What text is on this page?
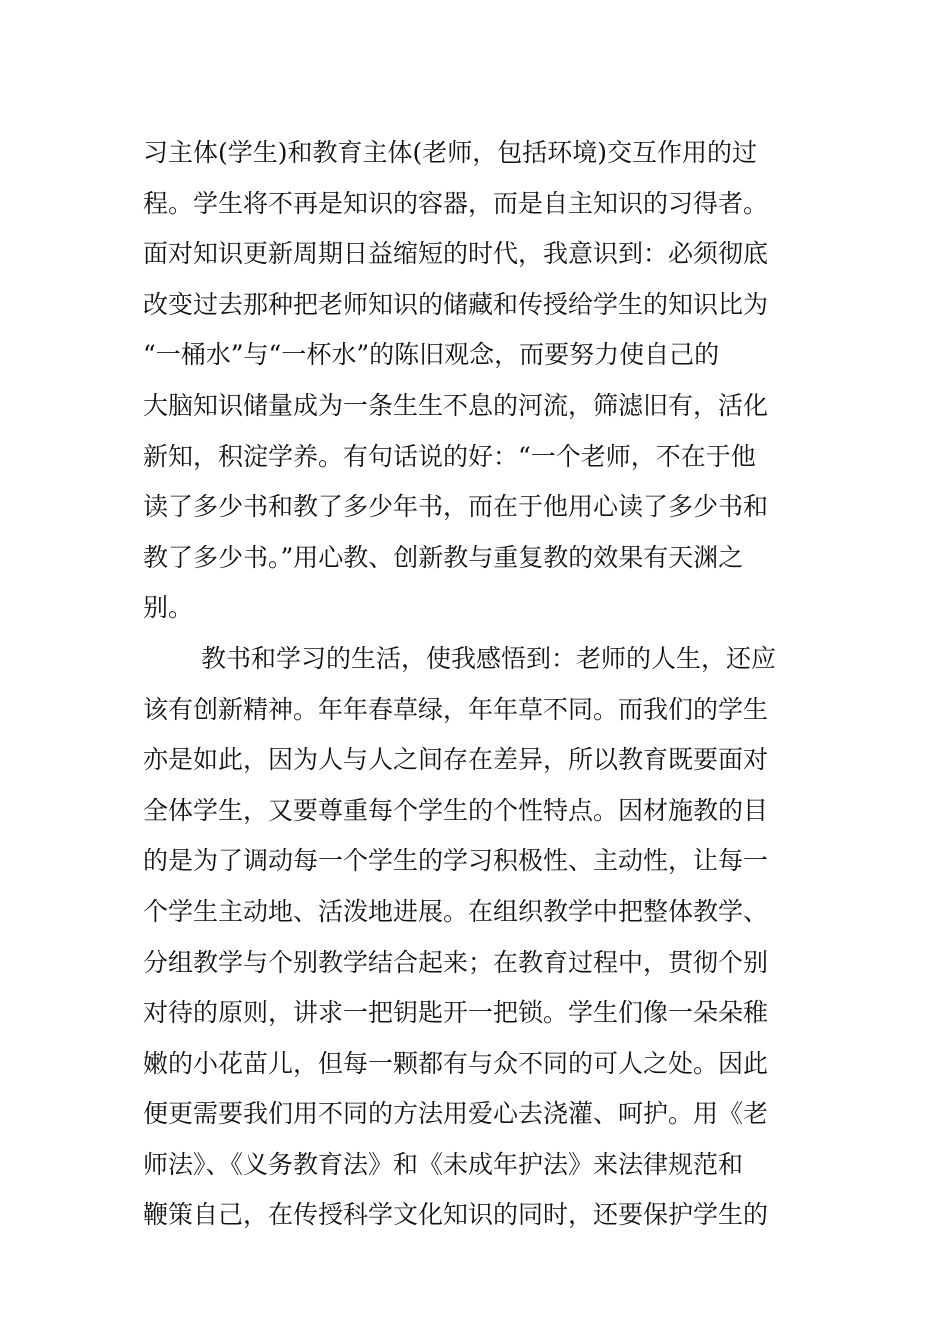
习主体(学生)和教育主体(老师，包括环境)交互作用的过
程。学生将不再是知识的容器，而是自主知识的习得者。
面对知识更新周期日益缩短的时代，我意识到：必须彻底
改变过去那种把老师知识的储藏和传授给学生的知识比为
“一桶水”与“一杯水”的陈旧观念，而要努力使自己的
大脑知识储量成为一条生生不息的河流，筛滤旧有，活化
新知，积淀学养。有句话说的好：“一个老师，不在于他
读了多少书和教了多少年书，而在于他用心读了多少书和
教了多少书。”用心教、创新教与重复教的效果有天渊之
别。
教书和学习的生活，使我感悟到：老师的人生，还应
该有创新精神。年年春草绿，年年草不同。而我们的学生
亦是如此，因为人与人之间存在差异，所以教育既要面对
全体学生，又要尊重每个学生的个性特点。因材施教的目
的是为了调动每一个学生的学习积极性、主动性，让每一
个学生主动地、活泼地进展。在组织教学中把整体教学、
分组教学与个别教学结合起来；在教育过程中，贯彻个别
对待的原则，讲求一把钥匙开一把锁。学生们像一朵朵稚
嫩的小花苗儿，但每一颗都有与众不同的可人之处。因此
便更需要我们用不同的方法用爱心去浇灌、呵护。用《老
师法》、《义务教育法》和《未成年护法》来法律规范和
鞭策自己，在传授科学文化知识的同时，还要保护学生的
